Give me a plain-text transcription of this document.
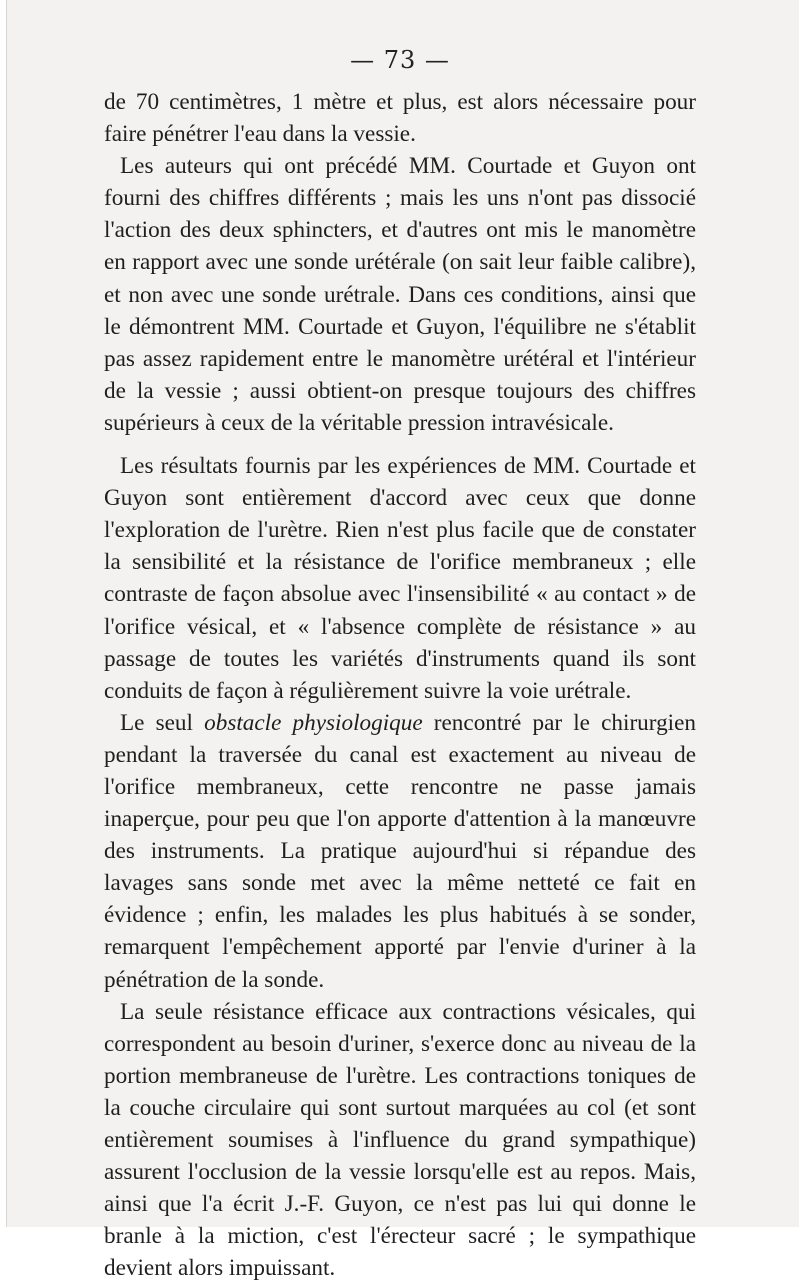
— 73 —

de 70 centimètres, 1 mètre et plus, est alors nécessaire pour faire pénétrer l'eau dans la vessie.

Les auteurs qui ont précédé MM. Courtade et Guyon ont fourni des chiffres différents ; mais les uns n'ont pas dissocié l'action des deux sphincters, et d'autres ont mis le manomètre en rapport avec une sonde urétérale (on sait leur faible calibre), et non avec une sonde urétrale. Dans ces conditions, ainsi que le démontrent MM. Courtade et Guyon, l'équilibre ne s'établit pas assez rapidement entre le manomètre urétéral et l'intérieur de la vessie ; aussi obtient-on presque toujours des chiffres supérieurs à ceux de la véritable pression intravésicale.

Les résultats fournis par les expériences de MM. Courtade et Guyon sont entièrement d'accord avec ceux que donne l'exploration de l'urètre. Rien n'est plus facile que de constater la sensibilité et la résistance de l'orifice membraneux ; elle contraste de façon absolue avec l'insensibilité « au contact » de l'orifice vésical, et « l'absence complète de résistance » au passage de toutes les variétés d'instruments quand ils sont conduits de façon à régulièrement suivre la voie urétrale.

Le seul obstacle physiologique rencontré par le chirurgien pendant la traversée du canal est exactement au niveau de l'orifice membraneux, cette rencontre ne passe jamais inaperçue, pour peu que l'on apporte d'attention à la manœuvre des instruments. La pratique aujourd'hui si répandue des lavages sans sonde met avec la même netteté ce fait en évidence ; enfin, les malades les plus habitués à se sonder, remarquent l'empêchement apporté par l'envie d'uriner à la pénétration de la sonde.

La seule résistance efficace aux contractions vésicales, qui correspondent au besoin d'uriner, s'exerce donc au niveau de la portion membraneuse de l'urètre. Les contractions toniques de la couche circulaire qui sont surtout marquées au col (et sont entièrement soumises à l'influence du grand sympathique) assurent l'occlusion de la vessie lorsqu'elle est au repos. Mais, ainsi que l'a écrit J.-F. Guyon, ce n'est pas lui qui donne le branle à la miction, c'est l'érecteur sacré ; le sympathique devient alors impuissant.
